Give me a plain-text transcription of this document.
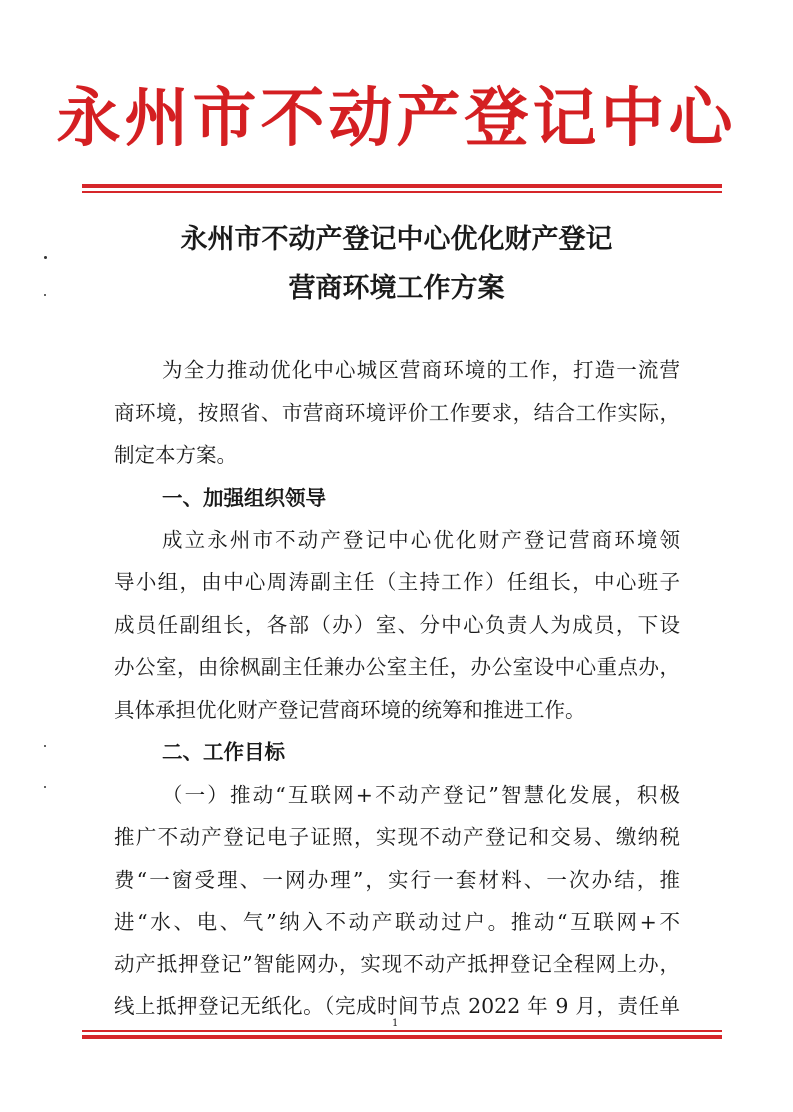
永州市不动产登记中心
永州市不动产登记中心优化财产登记
营商环境工作方案
为全力推动优化中心城区营商环境的工作，打造一流营
商环境，按照省、市营商环境评价工作要求，结合工作实际，
制定本方案。
一、加强组织领导
成立永州市不动产登记中心优化财产登记营商环境领
导小组，由中心周涛副主任（主持工作）任组长，中心班子
成员任副组长，各部（办）室、分中心负责人为成员，下设
办公室，由徐枫副主任兼办公室主任，办公室设中心重点办，
具体承担优化财产登记营商环境的统筹和推进工作。
二、工作目标
（一）推动“互联网+不动产登记”智慧化发展，积极
推广不动产登记电子证照，实现不动产登记和交易、缴纳税
费“一窗受理、一网办理”，实行一套材料、一次办结，推
进“水、电、气”纳入不动产联动过户。推动“互联网+不
动产抵押登记”智能网办，实现不动产抵押登记全程网上办，
线上抵押登记无纸化。（完成时间节点 2022 年 9 月，责任单
1
